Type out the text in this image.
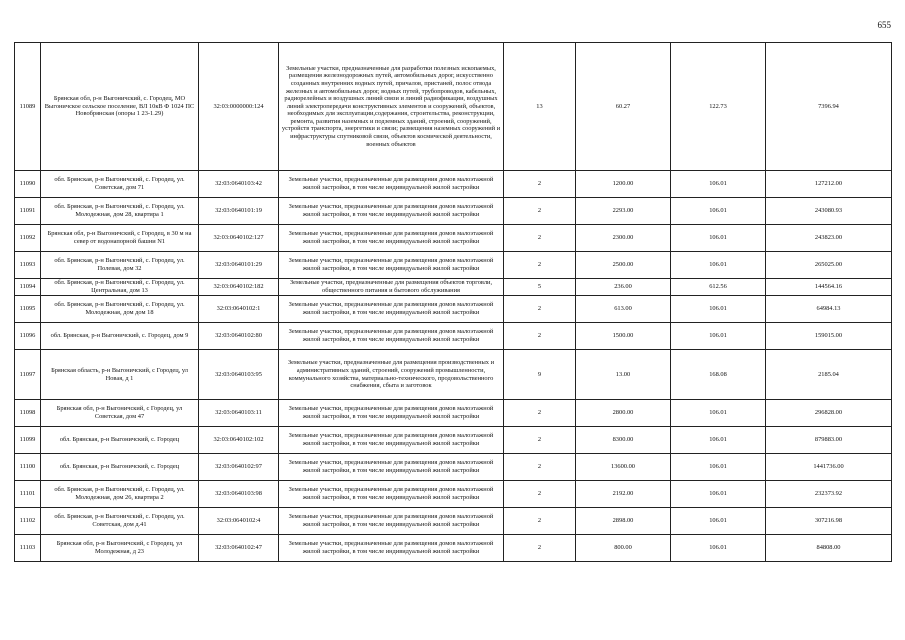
655
11089	Брянская обл, р-н Выгоничский, с. Городец, МО Выгоничское сельское поселение, ВЛ 10кВ Ф 1024 ПС Новобрянская (опоры 1 23-1.29)	32:03:0000000:124	Земельные участки, предназначенные для разработки полезных ископаемых, размещения железнодорожных путей, автомобильных дорог, искусственно созданных внутренних водных путей, причалов, пристаней, полос отвода железных и автомобильных дорог, водных путей, трубопроводов, кабельных, радиорелейных и воздушных линий связи и линий радиофикации, воздушных линий электропередачи конструктивных элементов и сооружений, объектов, необходимых для эксплуатации,содержания, строительства, реконструкции, ремонта, развития наземных и подземных зданий, строений, сооружений, устройств транспорта, энергетики и связи; размещения наземных сооружений и инфраструктуры спутниковой связи, объектов космической деятельности, военных объектов	13	60.27	122.73	7396.94
11090	обл. Брянская, р-н Выгоничский, с. Городец, ул. Советская, дом 71	32:03:0640103:42	Земельные участки, предназначенные для размещения домов малоэтажной жилой застройки, в том числе индивидуальной жилой застройки	2	1200.00	106.01	127212.00
11091	обл. Брянская, р-н Выгоничский, с. Городец, ул. Молодежная, дом 28, квартира 1	32:03:0640101:19	Земельные участки, предназначенные для размещения домов малоэтажной жилой застройки, в том числе индивидуальной жилой застройки	2	2293.00	106.01	243080.93
11092	Брянская обл, р-н Выгоничский, с Городец, в 30 м на север от водонапорной башни N1	32:03:0640102:127	Земельные участки, предназначенные для размещения домов малоэтажной жилой застройки, в том числе индивидуальной жилой застройки	2	2300.00	106.01	243823.00
11093	обл. Брянская, р-н Выгоничский, с. Городец, ул. Полевая, дом 32	32:03:0640101:29	Земельные участки, предназначенные для размещения домов малоэтажной жилой застройки, в том числе индивидуальной жилой застройки	2	2500.00	106.01	265025.00
11094	обл. Брянская, р-н Выгоничский, с. Городец, ул. Центральная, дом 13	32:03:0640102:182	Земельные участки, предназначенные для размещения объектов торговли, общественного питания и бытового обслуживания	5	236.00	612.56	144564.16
11095	обл. Брянская, р-н Выгоничский, с. Городец, ул. Молодежная, дом дом 18	32:03:0640102:1	Земельные участки, предназначенные для размещения домов малоэтажной жилой застройки, в том числе индивидуальной жилой застройки	2	613.00	106.01	64984.13
11096	обл. Брянская, р-н Выгоничский, с. Городец, дом 9	32:03:0640102:80	Земельные участки, предназначенные для размещения домов малоэтажной жилой застройки, в том числе индивидуальной жилой застройки	2	1500.00	106.01	159015.00
11097	Брянская область, р-н Выгоничский, с Городец, ул Новая, д 1	32:03:0640103:95	Земельные участки, предназначенные для размещения производственных и административных зданий, строений, сооружений промышленности, коммунального хозяйства, материально-технического, продовольственного снабжения, сбыта и заготовок	9	13.00	168.08	2185.04
11098	Брянская обл, р-н Выгоничский, с Городец, ул Советская, дом 47	32:03:0640103:11	Земельные участки, предназначенные для размещения домов малоэтажной жилой застройки, в том числе индивидуальной жилой застройки	2	2800.00	106.01	296828.00
11099	обл. Брянская, р-н Выгоничский, с. Городец	32:03:0640102:102	Земельные участки, предназначенные для размещения домов малоэтажной жилой застройки, в том числе индивидуальной жилой застройки	2	8300.00	106.01	879883.00
11100	обл. Брянская, р-н Выгоничский, с. Городец	32:03:0640102:97	Земельные участки, предназначенные для размещения домов малоэтажной жилой застройки, в том числе индивидуальной жилой застройки	2	13600.00	106.01	1441736.00
11101	обл. Брянская, р-н Выгоничский, с. Городец, ул. Молодежная, дом 26, квартира 2	32:03:0640103:98	Земельные участки, предназначенные для размещения домов малоэтажной жилой застройки, в том числе индивидуальной жилой застройки	2	2192.00	106.01	232373.92
11102	обл. Брянская, р-н Выгоничский, с. Городец, ул. Советская, дом д.41	32:03:0640102:4	Земельные участки, предназначенные для размещения домов малоэтажной жилой застройки, в том числе индивидуальной жилой застройки	2	2898.00	106.01	307216.98
11103	Брянская обл, р-н Выгоничский, с Городец, ул Молодежная, д 23	32:03:0640102:47	Земельные участки, предназначенные для размещения домов малоэтажной жилой застройки, в том числе индивидуальной жилой застройки	2	800.00	106.01	84808.00
